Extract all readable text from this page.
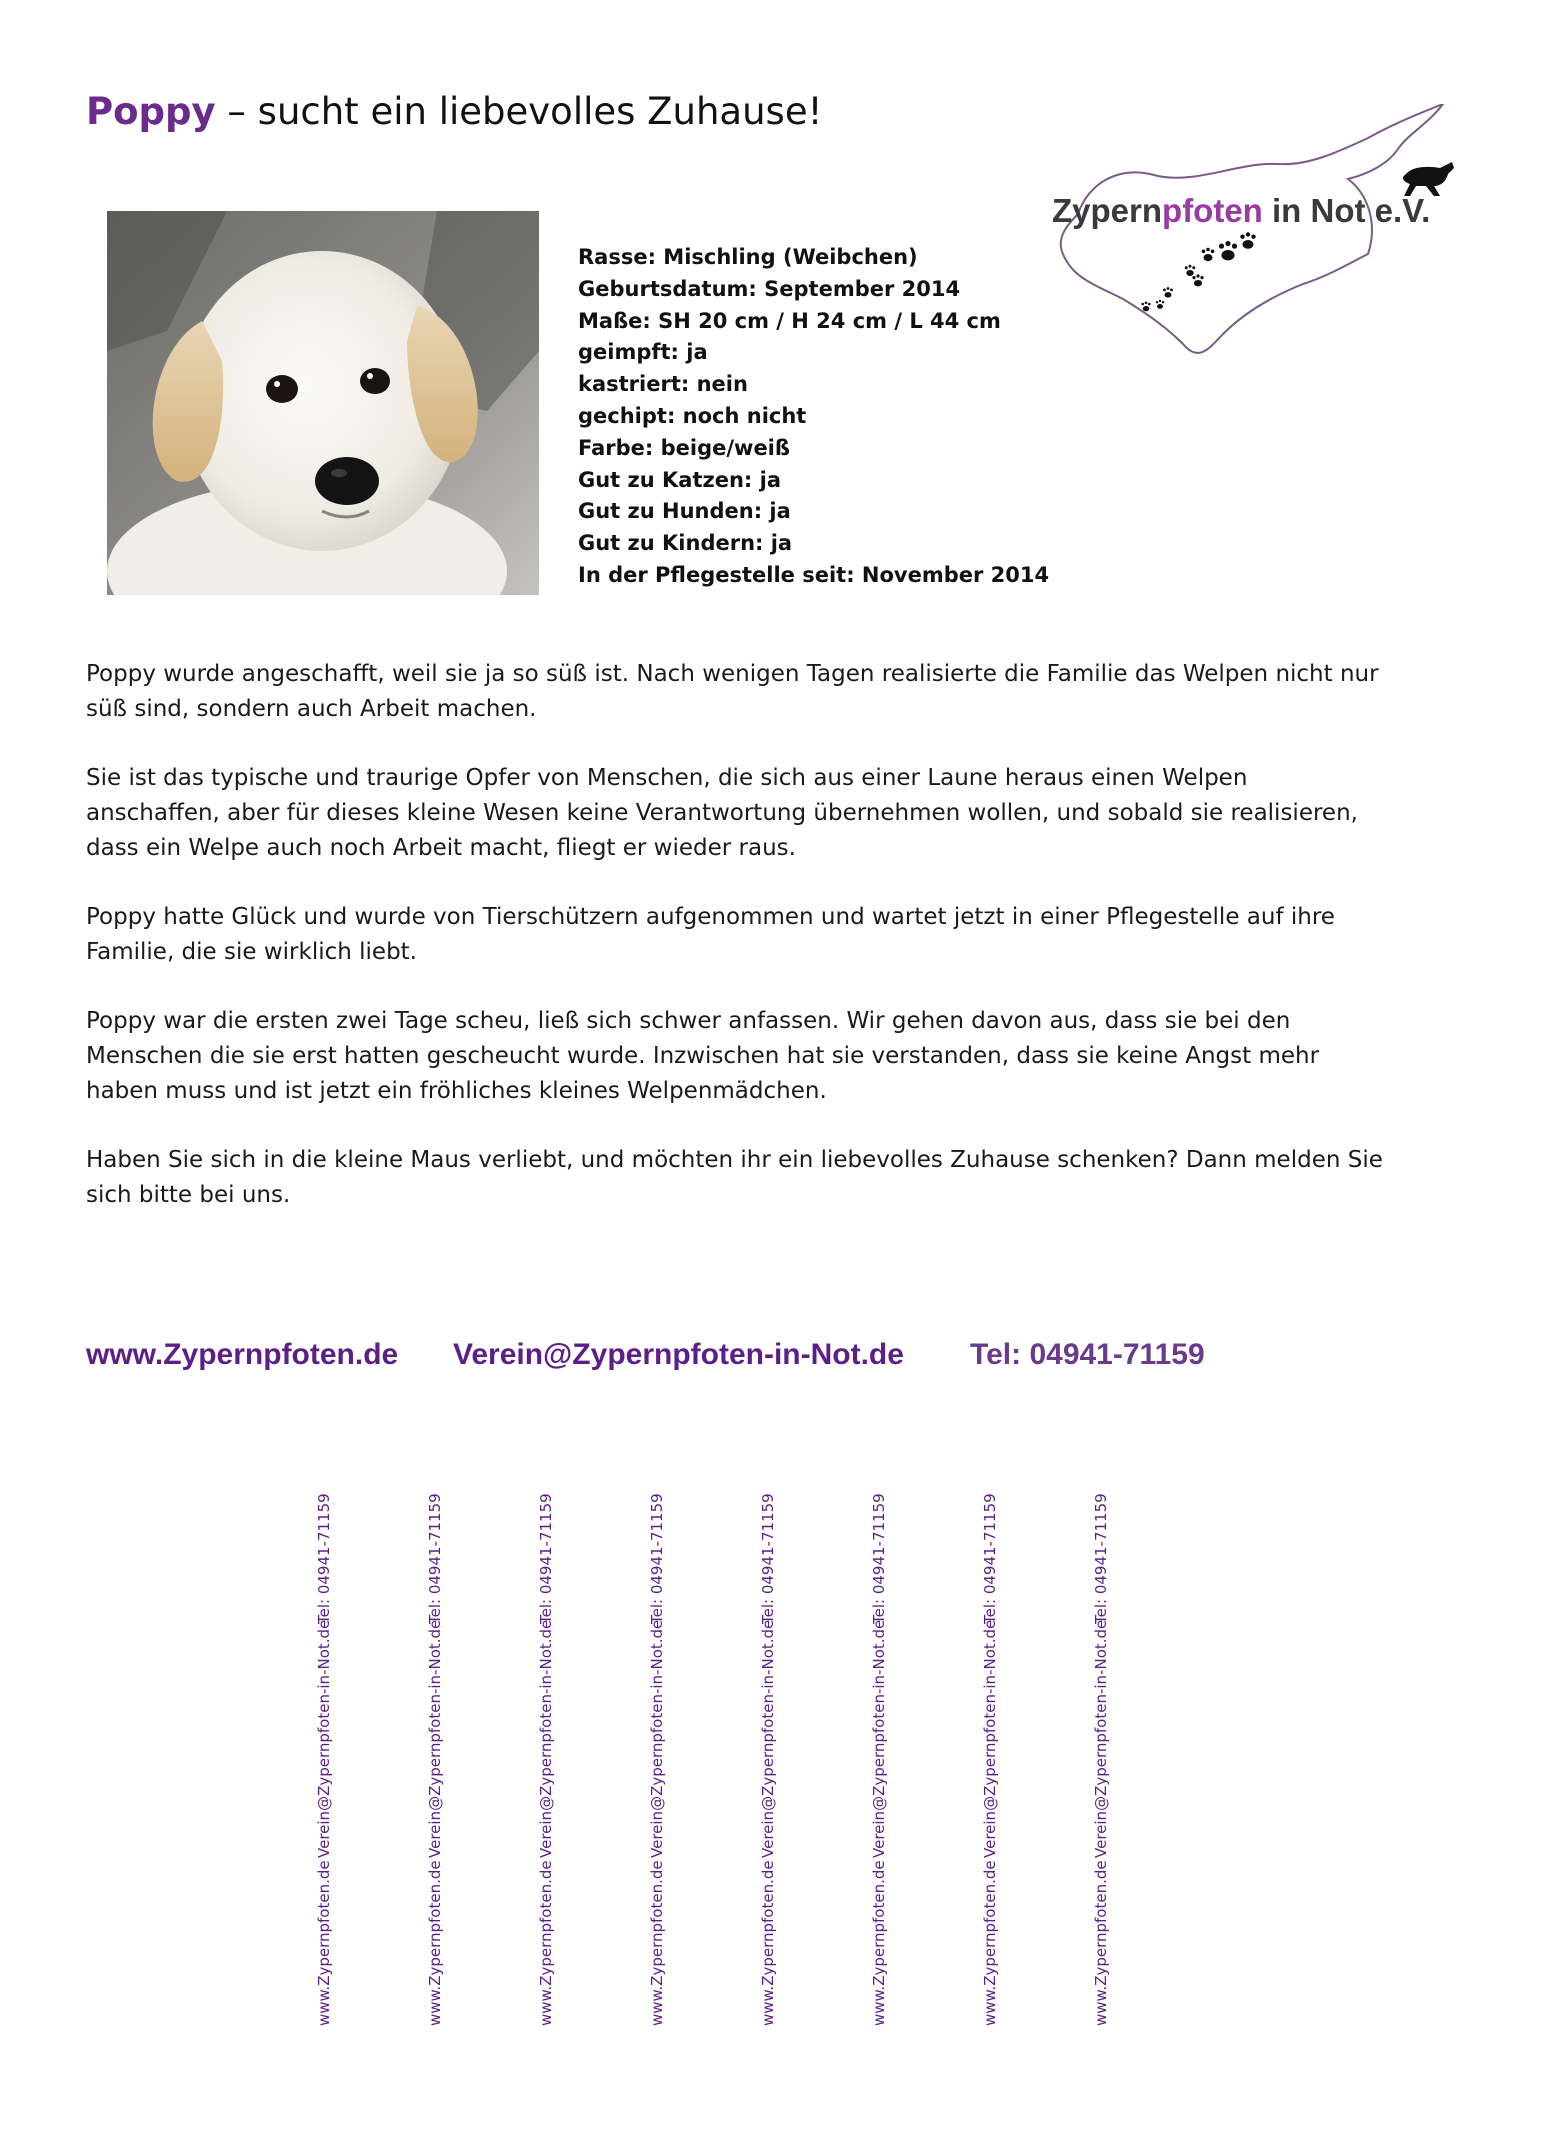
Poppy – sucht ein liebevolles Zuhause!
Zypernpfoten in Not e.V.
Rasse: Mischling (Weibchen)
Geburtsdatum: September 2014
Maße: SH 20 cm / H 24 cm / L 44 cm
geimpft: ja
kastriert: nein
gechipt: noch nicht
Farbe: beige/weiß
Gut zu Katzen: ja
Gut zu Hunden: ja
Gut zu Kindern: ja
In der Pflegestelle seit: November 2014

Poppy wurde angeschafft, weil sie ja so süß ist. Nach wenigen Tagen realisierte die Familie das Welpen nicht nur süß sind, sondern auch Arbeit machen.

Sie ist das typische und traurige Opfer von Menschen, die sich aus einer Laune heraus einen Welpen anschaffen, aber für dieses kleine Wesen keine Verantwortung übernehmen wollen, und sobald sie realisieren, dass ein Welpe auch noch Arbeit macht, fliegt er wieder raus.

Poppy hatte Glück und wurde von Tierschützern aufgenommen und wartet jetzt in einer Pflegestelle auf ihre Familie, die sie wirklich liebt.

Poppy war die ersten zwei Tage scheu, ließ sich schwer anfassen. Wir gehen davon aus, dass sie bei den Menschen die sie erst hatten gescheucht wurde. Inzwischen hat sie verstanden, dass sie keine Angst mehr haben muss und ist jetzt ein fröhliches kleines Welpenmädchen.

Haben Sie sich in die kleine Maus verliebt, und möchten ihr ein liebevolles Zuhause schenken? Dann melden Sie sich bitte bei uns.

www.Zypernpfoten.de Verein@Zypernpfoten-in-Not.de Tel: 04941-71159
Tel: 04941-71159
Verein@Zypernpfoten-in-Not.de
www.Zypernpfoten.de
Tel: 04941-71159
Verein@Zypernpfoten-in-Not.de
www.Zypernpfoten.de
Tel: 04941-71159
Verein@Zypernpfoten-in-Not.de
www.Zypernpfoten.de
Tel: 04941-71159
Verein@Zypernpfoten-in-Not.de
www.Zypernpfoten.de
Tel: 04941-71159
Verein@Zypernpfoten-in-Not.de
www.Zypernpfoten.de
Tel: 04941-71159
Verein@Zypernpfoten-in-Not.de
www.Zypernpfoten.de
Tel: 04941-71159
Verein@Zypernpfoten-in-Not.de
www.Zypernpfoten.de
Tel: 04941-71159
Verein@Zypernpfoten-in-Not.de
www.Zypernpfoten.de
